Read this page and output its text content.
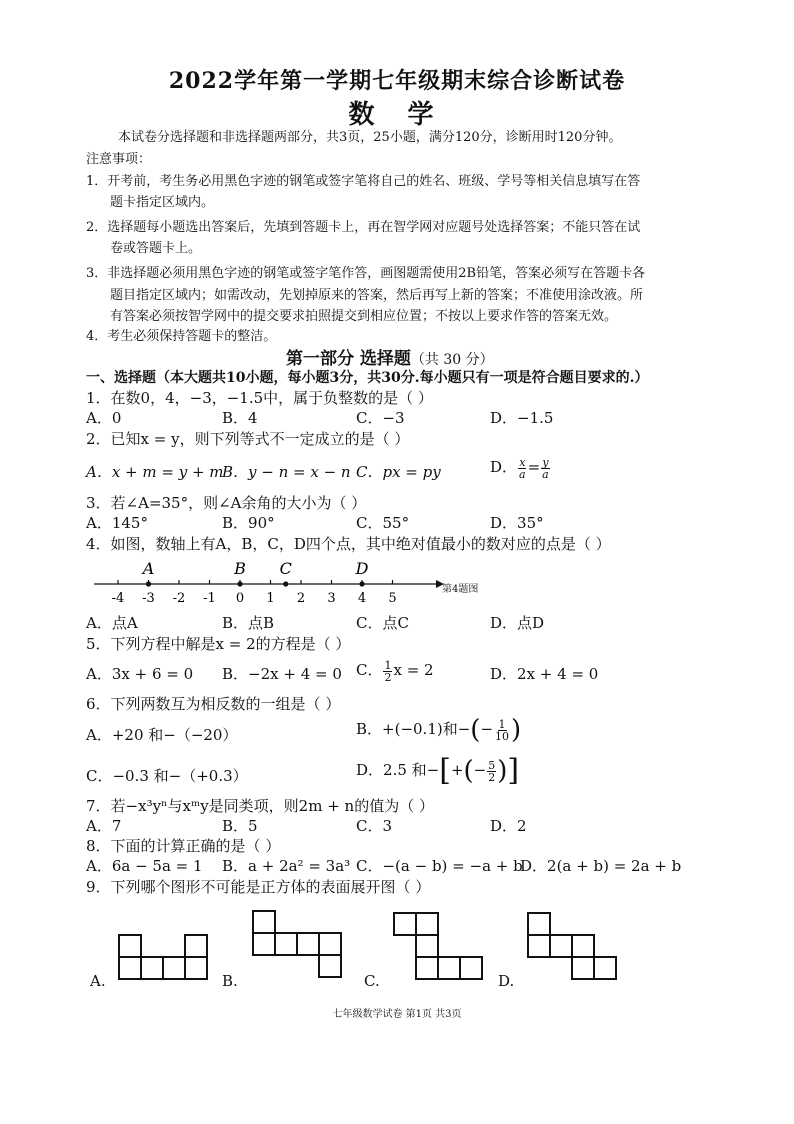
2022学年第一学期七年级期末综合诊断试卷
数 学
本试卷分选择题和非选择题两部分，共3页，25小题，满分120分，诊断用时120分钟。
注意事项：
1．开考前，考生务必用黑色字迹的钢笔或签字笔将自己的姓名、班级、学号等相关信息填写在答
题卡指定区域内。
2．选择题每小题选出答案后，先填到答题卡上，再在智学网对应题号处选择答案；不能只答在试
卷或答题卡上。
3．非选择题必须用黑色字迹的钢笔或签字笔作答，画图题需使用2B铅笔，答案必须写在答题卡各
题目指定区域内；如需改动，先划掉原来的答案，然后再写上新的答案；不准使用涂改液。所
有答案必须按智学网中的提交要求拍照提交到相应位置；不按以上要求作答的答案无效。
4．考生必须保持答题卡的整洁。
第一部分 选择题（共 30 分）
一、选择题（本大题共10小题，每小题3分，共30分.每小题只有一项是符合题目要求的.）
1．在数0，4，−3，−1.5中，属于负整数的是（ ）
A．0	B．4	C．−3	D．−1.5
2．已知x = y，则下列等式不一定成立的是（ ）
A．x + m = y + m
B．y − n = x − n C．px = py	D． $\frac{x}{a} = \frac{y}{a}$
3．若∠A=35°，则∠A余角的大小为（ ）
A．145°	B．90°	C．55°	D．35°
4．如图，数轴上有A，B，C，D四个点，其中绝对值最小的数对应的点是（ ）
-4 -3 -2 -1 0 1 2 3 4 5
A	B C	D
第4题图
A．点A	B．点B	C．点C	D．点D
5．下列方程中解是x = 2的方程是（ ）
A．3x + 6 = 0 B．−2x + 4 = 0 C． $\frac{1}{2}$ x = 2	D．2x + 4 = 0
6．下列两数互为相反数的一组是（ ）
A．+20 和−（−20）	B．+(−0.1)和−(− $\frac{1}{10}$ )
C．−0.3 和−（+0.3）	D．2.5 和−[+(− $\frac{5}{2}$ )]
7．若−x³yⁿ与xᵐy是同类项，则2m + n的值为（ ）
A．7	B．5	C．3	D．2
8．下面的计算正确的是（ ）
A．6a − 5a = 1 B．a + 2a² = 3a³ C．−(a − b) = −a + b
D．2(a + b) = 2a + b
9．下列哪个图形不可能是正方体的表面展开图（ ）
A.	B.	C.	D.
七年级数学试卷 第1页 共3页
